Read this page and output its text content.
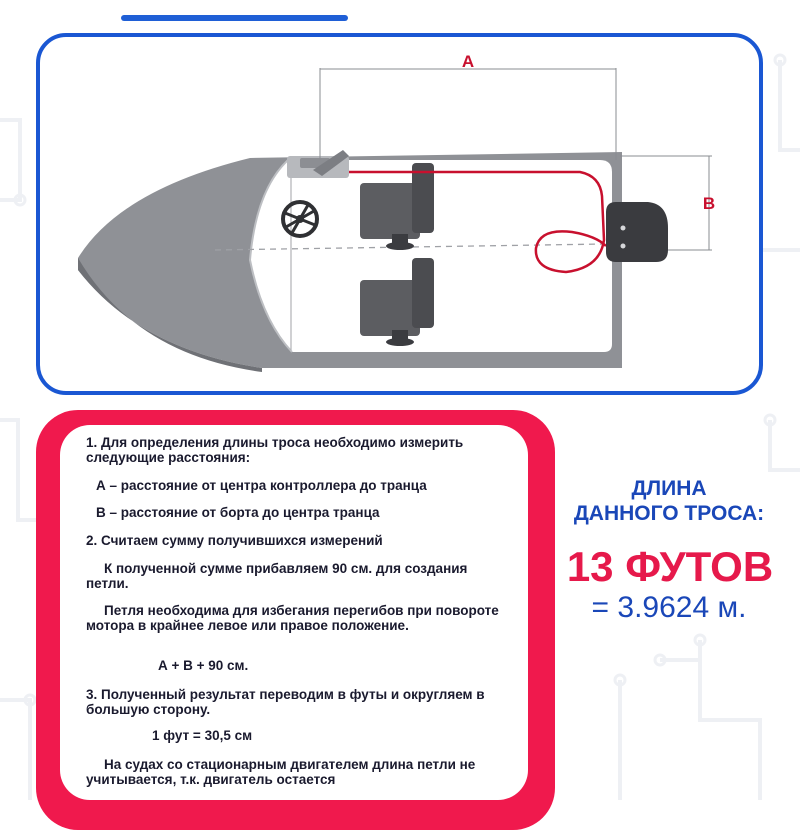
A
B

1. Для определения длины троса необходимо измерить следующие расстояния:

А – расстояние от центра контроллера до транца

В – расстояние от борта до центра транца

2. Считаем сумму получившихся измерений

К полученной сумме прибавляем 90 см. для создания петли.

Петля необходима для избегания перегибов при повороте мотора в крайнее левое или правое положение.

А + В + 90 см.

3. Полученный результат переводим в футы и округляем в большую сторону.

1 фут = 30,5 см

На судах со стационарным двигателем длина петли не учитывается, т.к. двигатель остается

ДЛИНА
ДАННОГО ТРОСА:
13 ФУТОВ
= 3.9624 м.
